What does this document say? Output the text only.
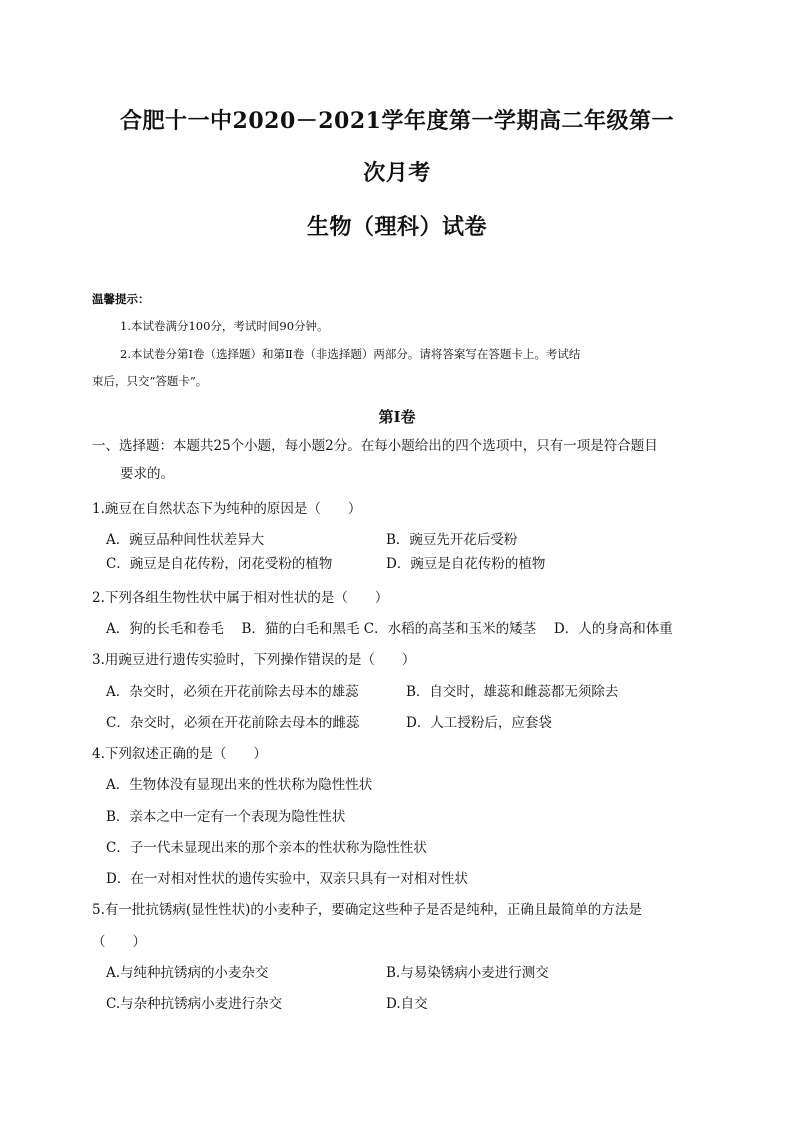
合肥十一中2020－2021学年度第一学期高二年级第一
次月考
生物（理科）试卷
温馨提示：
1.本试卷满分100分，考试时间90分钟。
2.本试卷分第Ⅰ卷（选择题）和第Ⅱ卷（非选择题）两部分。请将答案写在答题卡上。考试结
束后，只交“答题卡”。
第Ⅰ卷
一、选择题：本题共25个小题，每小题2分。在每小题给出的四个选项中，只有一项是符合题目
要求的。
1.豌豆在自然状态下为纯种的原因是（　　）
A．豌豆品种间性状差异大	B．豌豆先开花后受粉
C．豌豆是自花传粉，闭花受粉的植物	D．豌豆是自花传粉的植物
2.下列各组生物性状中属于相对性状的是（　　）
A．狗的长毛和卷毛　 B．猫的白毛和黑毛 C．水稻的高茎和玉米的矮茎　 D．人的身高和体重
3.用豌豆进行遗传实验时，下列操作错误的是（　　）
A．杂交时，必须在开花前除去母本的雄蕊	B．自交时，雄蕊和雌蕊都无须除去
C．杂交时，必须在开花前除去母本的雌蕊	D．人工授粉后，应套袋
4.下列叙述正确的是（　　）
A．生物体没有显现出来的性状称为隐性性状
B．亲本之中一定有一个表现为隐性性状
C．子一代未显现出来的那个亲本的性状称为隐性性状
D．在一对相对性状的遗传实验中，双亲只具有一对相对性状
5.有一批抗锈病(显性性状)的小麦种子，要确定这些种子是否是纯种，正确且最简单的方法是
（　　）
A.与纯种抗锈病的小麦杂交	B.与易染锈病小麦进行测交
C.与杂种抗锈病小麦进行杂交	D.自交
